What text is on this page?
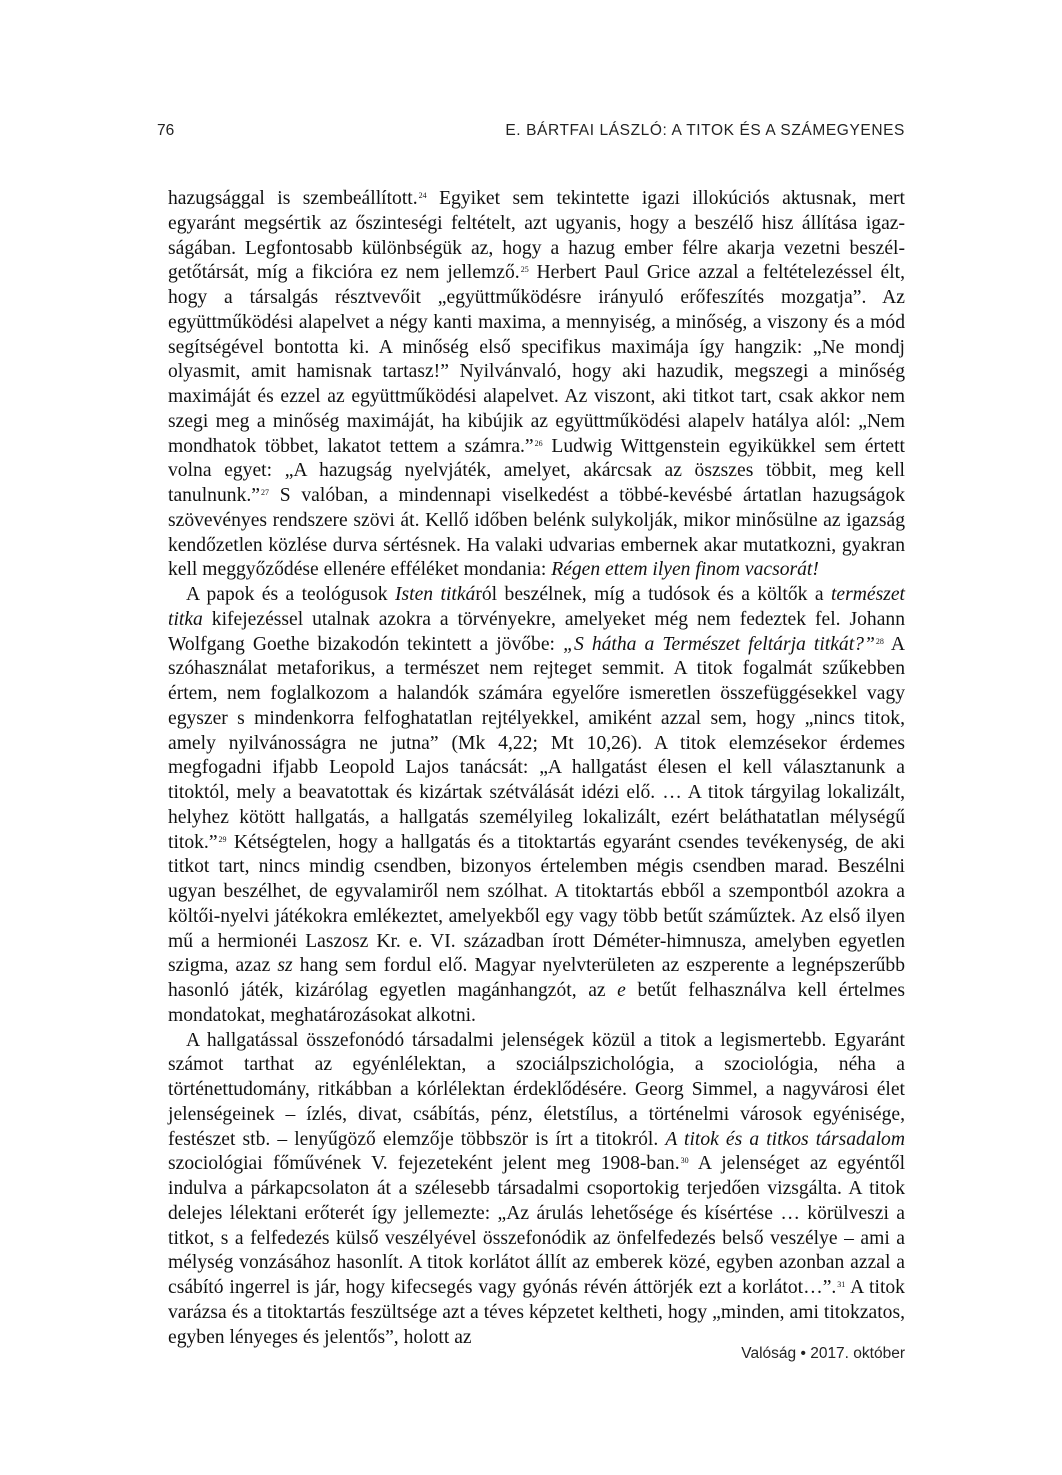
76	E. BÁRTFAI LÁSZLÓ: A TITOK ÉS A SZÁMEGYENES

hazugsággal is szembeállított.$^{24}$ Egyiket sem tekintette igazi illokúciós aktusnak, mert egyaránt megsértik az őszinteségi feltételt, azt ugyanis, hogy a beszélő hisz állítása igazságában. Legfontosabb különbségük az, hogy a hazug ember félre akarja vezetni beszélgetőtársát, míg a fikcióra ez nem jellemző.$^{25}$ Herbert Paul Grice azzal a feltételezéssel élt, hogy a társalgás résztvevőit „együttműködésre irányuló erőfeszítés mozgatja”. Az együttműködési alapelvet a négy kanti maxima, a mennyiség, a minőség, a viszony és a mód segítségével bontotta ki. A minőség első specifikus maximája így hangzik: „Ne mondj olyasmit, amit hamisnak tartasz!” Nyilvánvaló, hogy aki hazudik, megszegi a minőség maximáját és ezzel az együttműködési alapelvet. Az viszont, aki titkot tart, csak akkor nem szegi meg a minőség maximáját, ha kibújik az együttműködési alapelv hatálya alól: „Nem mondhatok többet, lakatot tettem a számra.”$^{26}$ Ludwig Wittgenstein egyikükkel sem értett volna egyet: „A hazugság nyelvjáték, amelyet, akárcsak az öszszes többit, meg kell tanulnunk.”$^{27}$ S valóban, a mindennapi viselkedést a többé-kevésbé ártatlan hazugságok szövevényes rendszere szövi át. Kellő időben belénk sulykolják, mikor minősülne az igazság kendőzetlen közlése durva sértésnek. Ha valaki udvarias embernek akar mutatkozni, gyakran kell meggyőződése ellenére efféléket mondania: Régen ettem ilyen finom vacsorát!

A papok és a teológusok Isten titkáról beszélnek, míg a tudósok és a költők a természet titka kifejezéssel utalnak azokra a törvényekre, amelyeket még nem fedeztek fel. Johann Wolfgang Goethe bizakodón tekintett a jövőbe: „S hátha a Természet feltárja titkát?”$^{28}$ A szóhasználat metaforikus, a természet nem rejteget semmit. A titok fogalmát szűkebben értem, nem foglalkozom a halandók számára egyelőre ismeretlen összefüggésekkel vagy egyszer s mindenkorra felfoghatatlan rejtélyekkel, amiként azzal sem, hogy „nincs titok, amely nyilvánosságra ne jutna” (Mk 4,22; Mt 10,26). A titok elemzésekor érdemes megfogadni ifjabb Leopold Lajos tanácsát: „A hallgatást élesen el kell választanunk a titoktól, mely a beavatottak és kizártak szétválását idézi elő. … A titok tárgyilag lokalizált, helyhez kötött hallgatás, a hallgatás személyileg lokalizált, ezért beláthatatlan mélységű titok.”$^{29}$ Kétségtelen, hogy a hallgatás és a titoktartás egyaránt csendes tevékenység, de aki titkot tart, nincs mindig csendben, bizonyos értelemben mégis csendben marad. Beszélni ugyan beszélhet, de egyvalamiről nem szólhat. A titoktartás ebből a szempontból azokra a költői-nyelvi játékokra emlékeztet, amelyekből egy vagy több betűt száműztek. Az első ilyen mű a hermionéi Laszosz Kr. e. VI. században írott Déméter-himnusza, amelyben egyetlen szigma, azaz sz hang sem fordul elő. Magyar nyelvterületen az eszperente a legnépszerűbb hasonló játék, kizárólag egyetlen magánhangzót, az e betűt felhasználva kell értelmes mondatokat, meghatározásokat alkotni.

A hallgatással összefonódó társadalmi jelenségek közül a titok a legismertebb. Egyaránt számot tarthat az egyénlélektan, a szociálpszichológia, a szociológia, néha a történettudomány, ritkábban a kórlélektan érdeklődésére. Georg Simmel, a nagyvárosi élet jelenségeinek – ízlés, divat, csábítás, pénz, életstílus, a történelmi városok egyénisége, festészet stb. – lenyűgöző elemzője többször is írt a titokról. A titok és a titkos társadalom szociológiai főművének V. fejezeteként jelent meg 1908-ban.$^{30}$ A jelenséget az egyéntől indulva a párkapcsolaton át a szélesebb társadalmi csoportokig terjedően vizsgálta. A titok delejes lélektani erőterét így jellemezte: „Az árulás lehetősége és kísértése … körülveszi a titkot, s a felfedezés külső veszélyével összefonódik az önfelfedezés belső veszélye – ami a mélység vonzásához hasonlít. A titok korlátot állít az emberek közé, egyben azonban azzal a csábító ingerrel is jár, hogy kifecsegés vagy gyónás révén áttörjék ezt a korlátot…”.$^{31}$ A titok varázsa és a titoktartás feszültsége azt a téves képzetet keltheti, hogy „minden, ami titokzatos, egyben lényeges és jelentős”, holott az

Valóság • 2017. október
